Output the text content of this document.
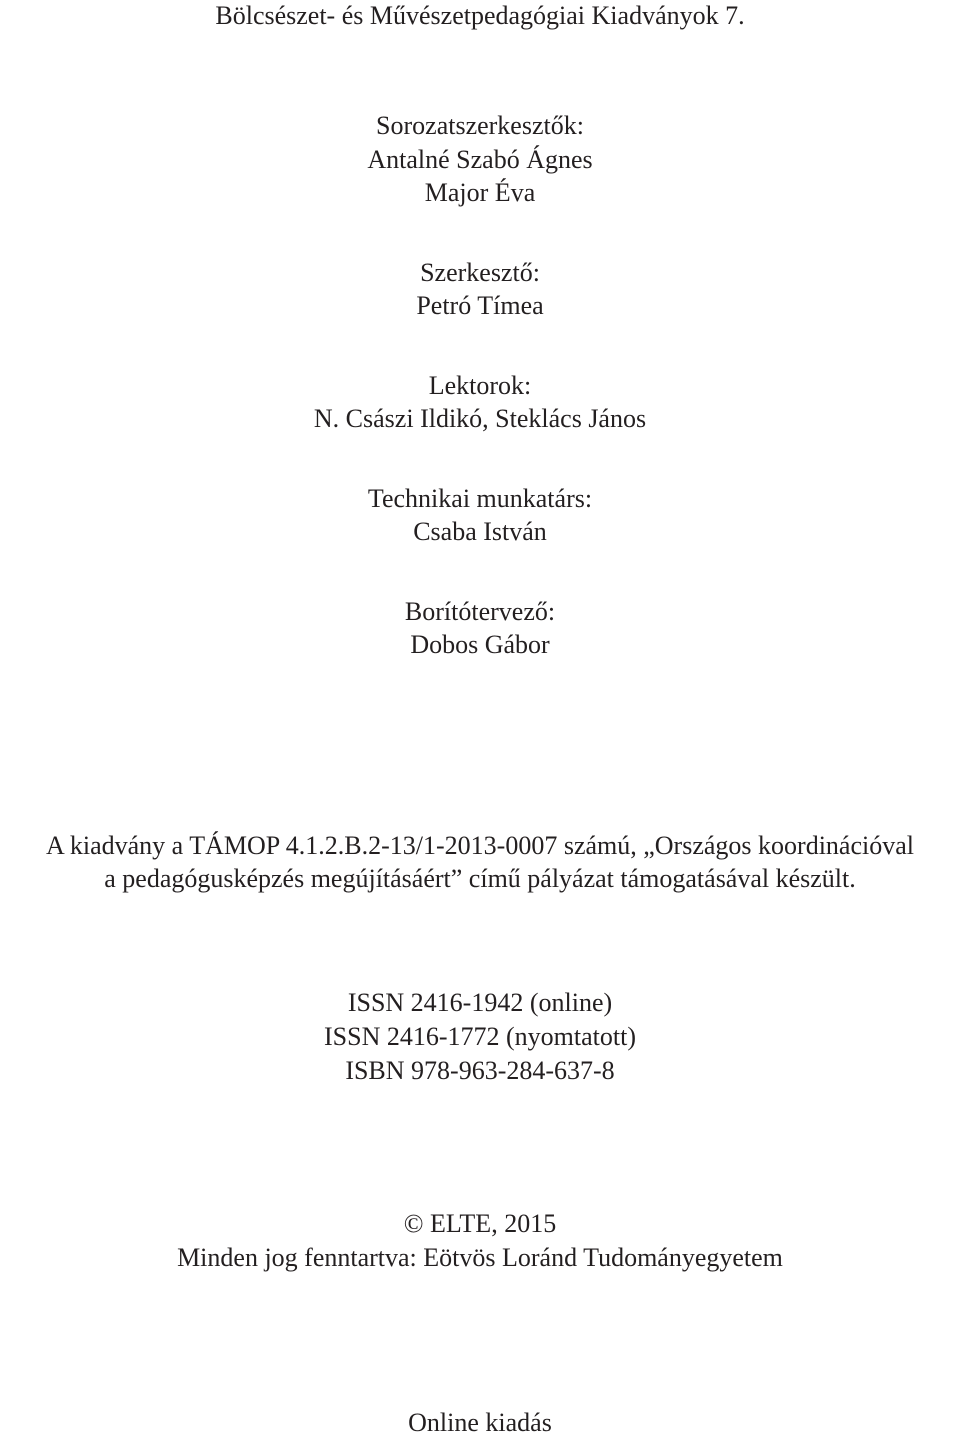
Bölcsészet- és Művészetpedagógiai Kiadványok 7.
Sorozatszerkesztők:
Antalné Szabó Ágnes
Major Éva
Szerkesztő:
Petró Tímea
Lektorok:
N. Császi Ildikó, Steklács János
Technikai munkatárs:
Csaba István
Borítótervező:
Dobos Gábor
A kiadvány a TÁMOP 4.1.2.B.2-13/1-2013-0007 számú, „Országos koordinációval
a pedagógusképzés megújításáért” című pályázat támogatásával készült.
ISSN 2416-1942 (online)
ISSN 2416-1772 (nyomtatott)
ISBN 978-963-284-637-8
© ELTE, 2015
Minden jog fenntartva: Eötvös Loránd Tudományegyetem
Online kiadás
